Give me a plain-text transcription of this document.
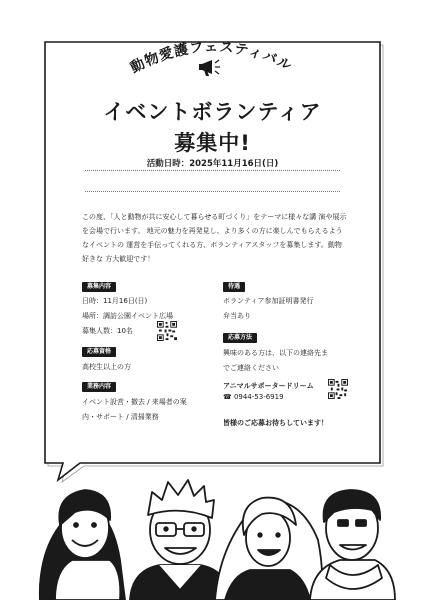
動物愛護フェスティバル
イベントボランティア
募集中!
活動日時：2025年11月16日(日)
この度、「人と動物が共に安心して暮らせる町づくり」をテーマに様々な講 演や展示を会場で行います。 地元の魅力を再発見し、より多くの方に楽しんでもらえるようなイベントの 運営を手伝ってくれる方、ボランティアスタッフを募集します。動物好きな 方大歓迎です！
募集内容
日時：11月16日(日)
場所：調訪公園イベント広場
募集人数：10名
応募資格
高校生以上の方
業務内容
イベント設営・撤去 / 来場者の案
内・サポート / 清掃業務
待遇
ボランティア参加証明書発行
弁当あり
応募方法
興味のある方は、以下の連絡先ま
でご連絡ください
アニマルサポータードリーム
☎ 0944-53-6919
皆様のご応募お待ちしています！
